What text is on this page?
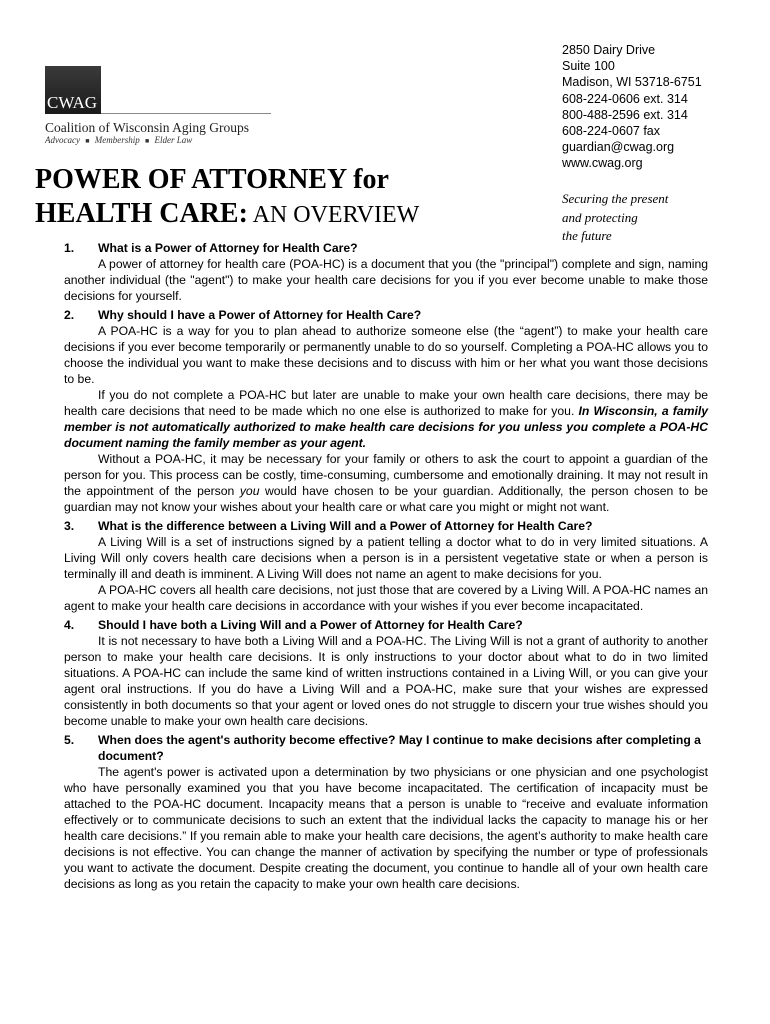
CWAG
Coalition of Wisconsin Aging Groups
Advocacy ■ Membership ■ Elder Law
2850 Dairy Drive
Suite 100
Madison, WI 53718-6751
608-224-0606 ext. 314
800-488-2596 ext. 314
608-224-0607 fax
guardian@cwag.org
www.cwag.org
Securing the present
and protecting
the future
POWER OF ATTORNEY for
HEALTH CARE: AN OVERVIEW
1. What is a Power of Attorney for Health Care?

A power of attorney for health care (POA-HC) is a document that you (the "principal") complete and sign, naming another individual (the "agent") to make your health care decisions for you if you ever become unable to make those decisions for yourself.

2. Why should I have a Power of Attorney for Health Care?

A POA-HC is a way for you to plan ahead to authorize someone else (the “agent”) to make your health care decisions if you ever become temporarily or permanently unable to do so yourself. Completing a POA-HC allows you to choose the individual you want to make these decisions and to discuss with him or her what you want those decisions to be.

If you do not complete a POA-HC but later are unable to make your own health care decisions, there may be health care decisions that need to be made which no one else is authorized to make for you. In Wisconsin, a family member is not automatically authorized to make health care decisions for you unless you complete a POA-HC document naming the family member as your agent.

Without a POA-HC, it may be necessary for your family or others to ask the court to appoint a guardian of the person for you. This process can be costly, time-consuming, cumbersome and emotionally draining. It may not result in the appointment of the person you would have chosen to be your guardian. Additionally, the person chosen to be guardian may not know your wishes about your health care or what care you might or might not want.

3. What is the difference between a Living Will and a Power of Attorney for Health Care?

A Living Will is a set of instructions signed by a patient telling a doctor what to do in very limited situations. A Living Will only covers health care decisions when a person is in a persistent vegetative state or when a person is terminally ill and death is imminent. A Living Will does not name an agent to make decisions for you.

A POA-HC covers all health care decisions, not just those that are covered by a Living Will. A POA-HC names an agent to make your health care decisions in accordance with your wishes if you ever become incapacitated.

4. Should I have both a Living Will and a Power of Attorney for Health Care?

It is not necessary to have both a Living Will and a POA-HC. The Living Will is not a grant of authority to another person to make your health care decisions. It is only instructions to your doctor about what to do in two limited situations. A POA-HC can include the same kind of written instructions contained in a Living Will, or you can give your agent oral instructions. If you do have a Living Will and a POA-HC, make sure that your wishes are expressed consistently in both documents so that your agent or loved ones do not struggle to discern your true wishes should you become unable to make your own health care decisions.

5. When does the agent's authority become effective? May I continue to make decisions after completing a document?

The agent's power is activated upon a determination by two physicians or one physician and one psychologist who have personally examined you that you have become incapacitated. The certification of incapacity must be attached to the POA-HC document. Incapacity means that a person is unable to “receive and evaluate information effectively or to communicate decisions to such an extent that the individual lacks the capacity to manage his or her health care decisions.” If you remain able to make your health care decisions, the agent’s authority to make health care decisions is not effective. You can change the manner of activation by specifying the number or type of professionals you want to activate the document. Despite creating the document, you continue to handle all of your own health care decisions as long as you retain the capacity to make your own health care decisions.
